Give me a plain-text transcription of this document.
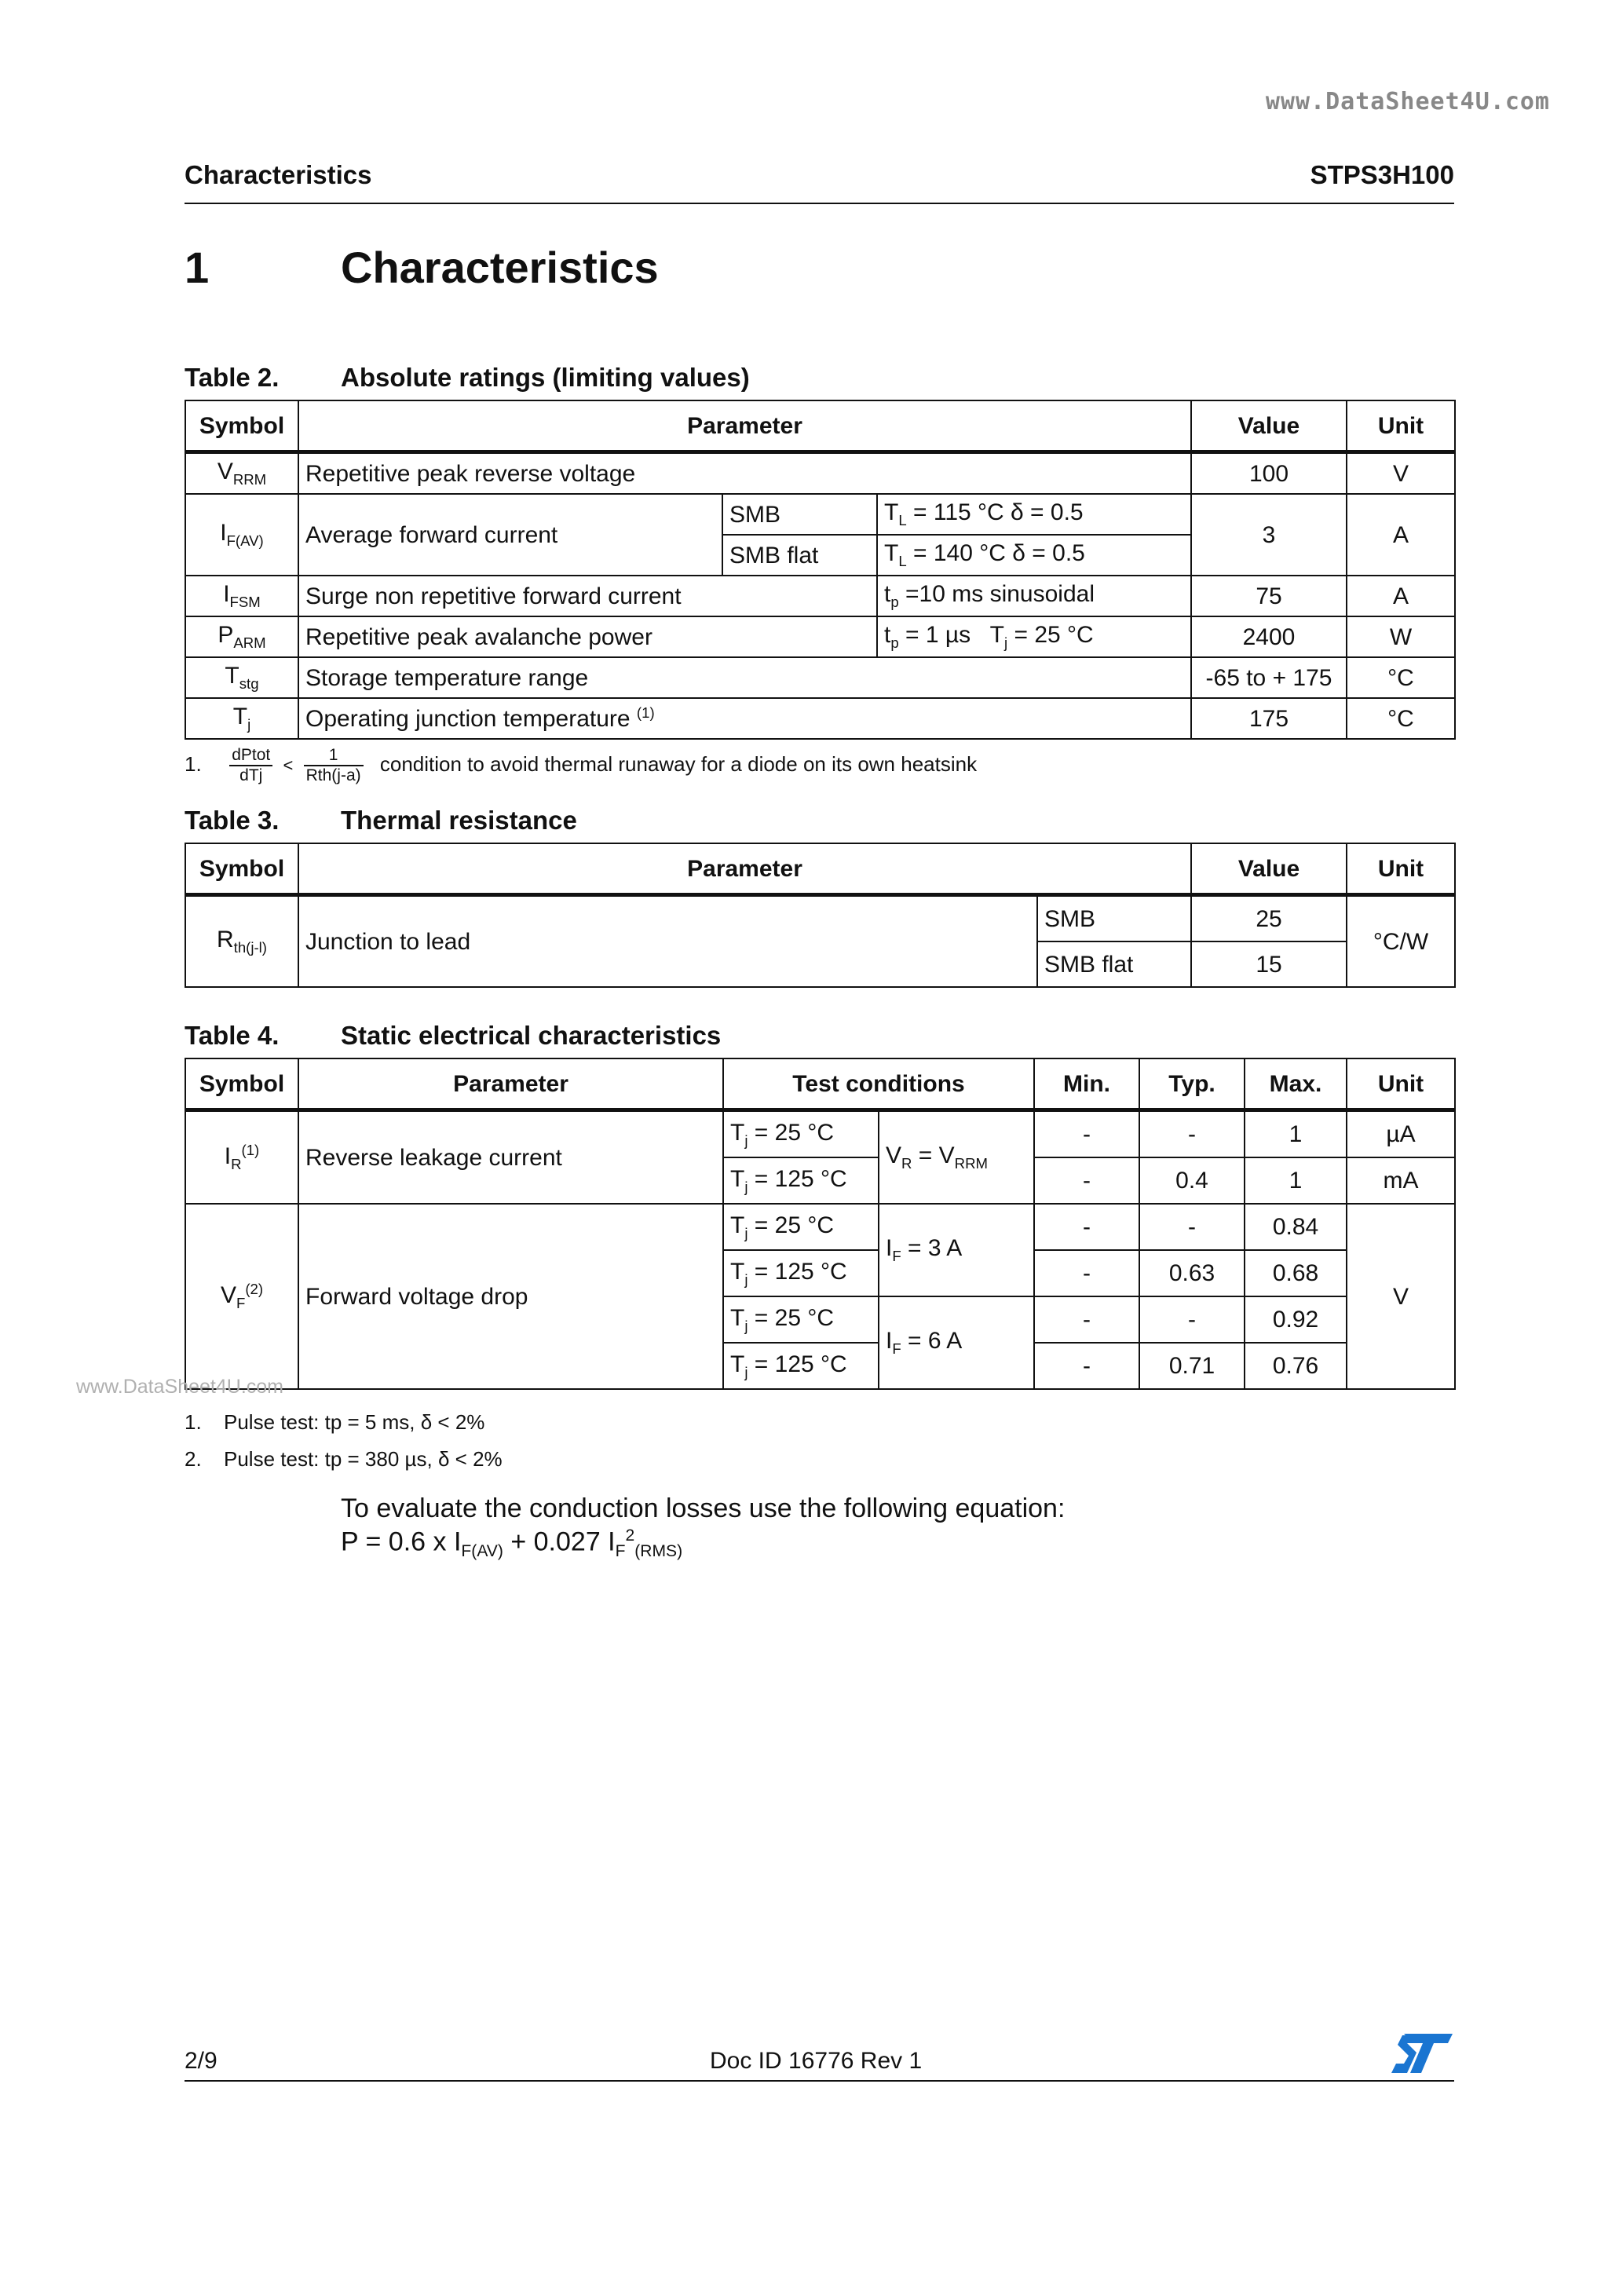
www.DataSheet4U.com
Characteristics	STPS3H100
1	Characteristics
Table 2. Absolute ratings (limiting values)
Symbol	Parameter			Value	Unit
$V_{RRM}$	Repetitive peak reverse voltage			100	V
$I_{F(AV)}$	Average forward current	SMB	$T_L = 115$ °C δ = 0.5	3	A
		SMB flat	$T_L = 140$ °C δ = 0.5		
$I_{FSM}$	Surge non repetitive forward current		$t_p =10$ ms sinusoidal	75	A
$P_{ARM}$	Repetitive peak avalanche power		$t_p = 1$ µs   $T_j = 25$ °C	2400	W
$T_{stg}$	Storage temperature range			-65 to + 175	°C
$T_j$	Operating junction temperature $^{(1)}$			175	°C
1. $\frac{\text{dPtot}}{\text{dTj}} < \frac{1}{\text{Rth(j-a)}}$ condition to avoid thermal runaway for a diode on its own heatsink
Table 3. Thermal resistance
Symbol	Parameter		Value	Unit
$R_{th(j-l)}$	Junction to lead	SMB	25	°C/W
		SMB flat	15	
Table 4. Static electrical characteristics
Symbol	Parameter	Test conditions		Min.	Typ.	Max.	Unit
$I_R^{(1)}$	Reverse leakage current	$T_j = 25$ °C	$V_R = V_{RRM}$	-	-	1	µA
		$T_j = 125$ °C		-	0.4	1	mA
$V_F^{(2)}$	Forward voltage drop	$T_j = 25$ °C	$I_F = 3$ A	-	-	0.84	V
		$T_j = 125$ °C		-	0.63	0.68	
		$T_j = 25$ °C	$I_F = 6$ A	-	-	0.92	
		$T_j = 125$ °C		-	0.71	0.76	
www.DataSheet4U.com
1. Pulse test: tp = 5 ms, δ < 2%
2. Pulse test: tp = 380 µs, δ < 2%
To evaluate the conduction losses use the following equation:
P = 0.6 x $I_{F(AV)} + 0.027$ $I_F^2_{(RMS)}$
2/9	Doc ID 16776 Rev 1
